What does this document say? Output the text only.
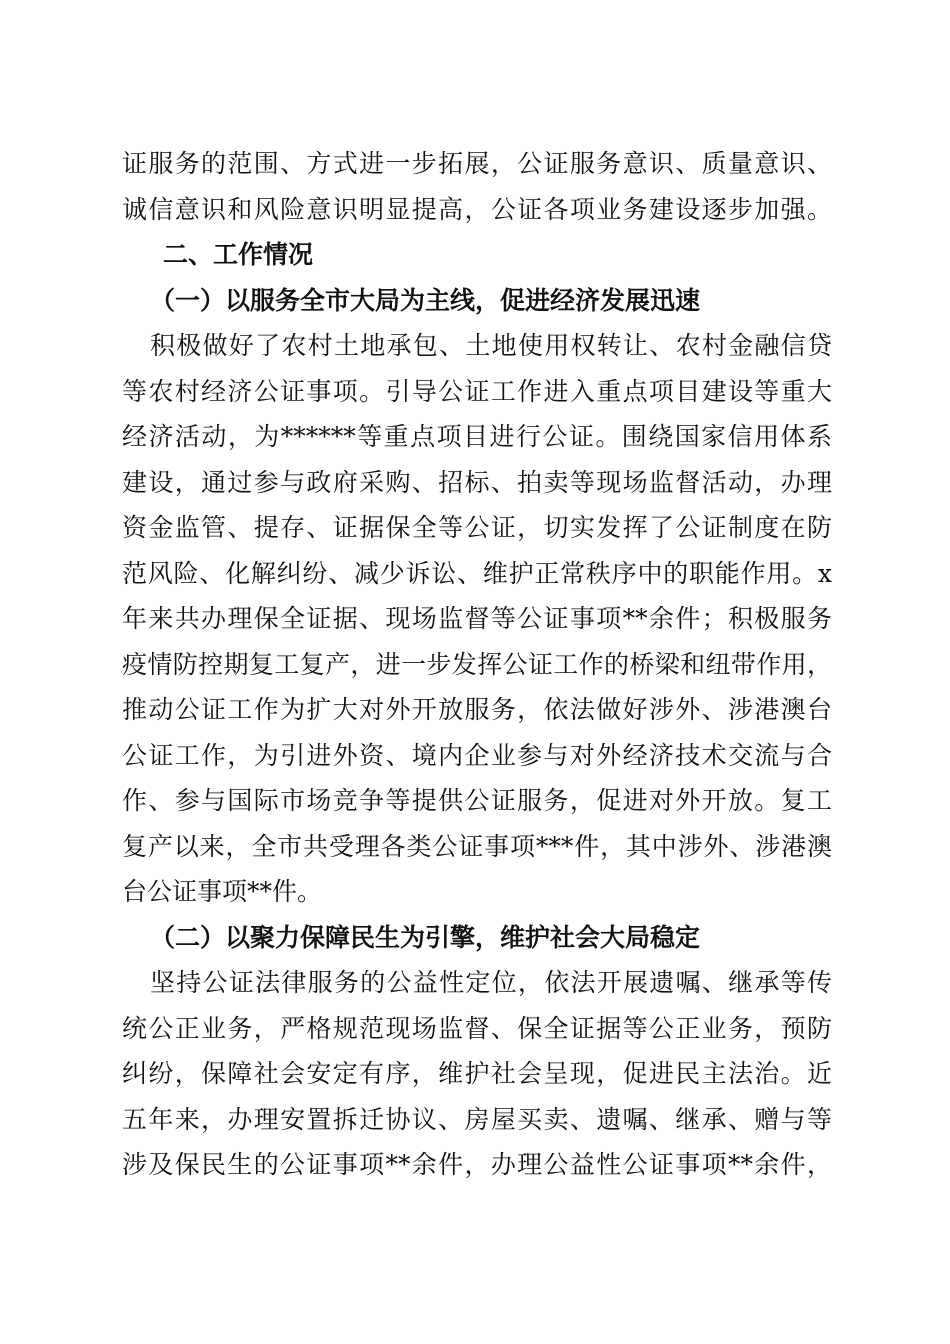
证服务的范围、方式进一步拓展，公证服务意识、质量意识、
诚信意识和风险意识明显提高，公证各项业务建设逐步加强。
二、工作情况
（一）以服务全市大局为主线，促进经济发展迅速
积极做好了农村土地承包、土地使用权转让、农村金融信贷
等农村经济公证事项。引导公证工作进入重点项目建设等重大
经济活动，为******等重点项目进行公证。围绕国家信用体系
建设，通过参与政府采购、招标、拍卖等现场监督活动，办理
资金监管、提存、证据保全等公证，切实发挥了公证制度在防
范风险、化解纠纷、减少诉讼、维护正常秩序中的职能作用。x
年来共办理保全证据、现场监督等公证事项**余件；积极服务
疫情防控期复工复产，进一步发挥公证工作的桥梁和纽带作用，
推动公证工作为扩大对外开放服务，依法做好涉外、涉港澳台
公证工作，为引进外资、境内企业参与对外经济技术交流与合
作、参与国际市场竞争等提供公证服务，促进对外开放。复工
复产以来，全市共受理各类公证事项***件，其中涉外、涉港澳
台公证事项**件。
（二）以聚力保障民生为引擎，维护社会大局稳定
坚持公证法律服务的公益性定位，依法开展遗嘱、继承等传
统公正业务，严格规范现场监督、保全证据等公正业务，预防
纠纷，保障社会安定有序，维护社会呈现，促进民主法治。近
五年来，办理安置拆迁协议、房屋买卖、遗嘱、继承、赠与等
涉及保民生的公证事项**余件，办理公益性公证事项**余件，
